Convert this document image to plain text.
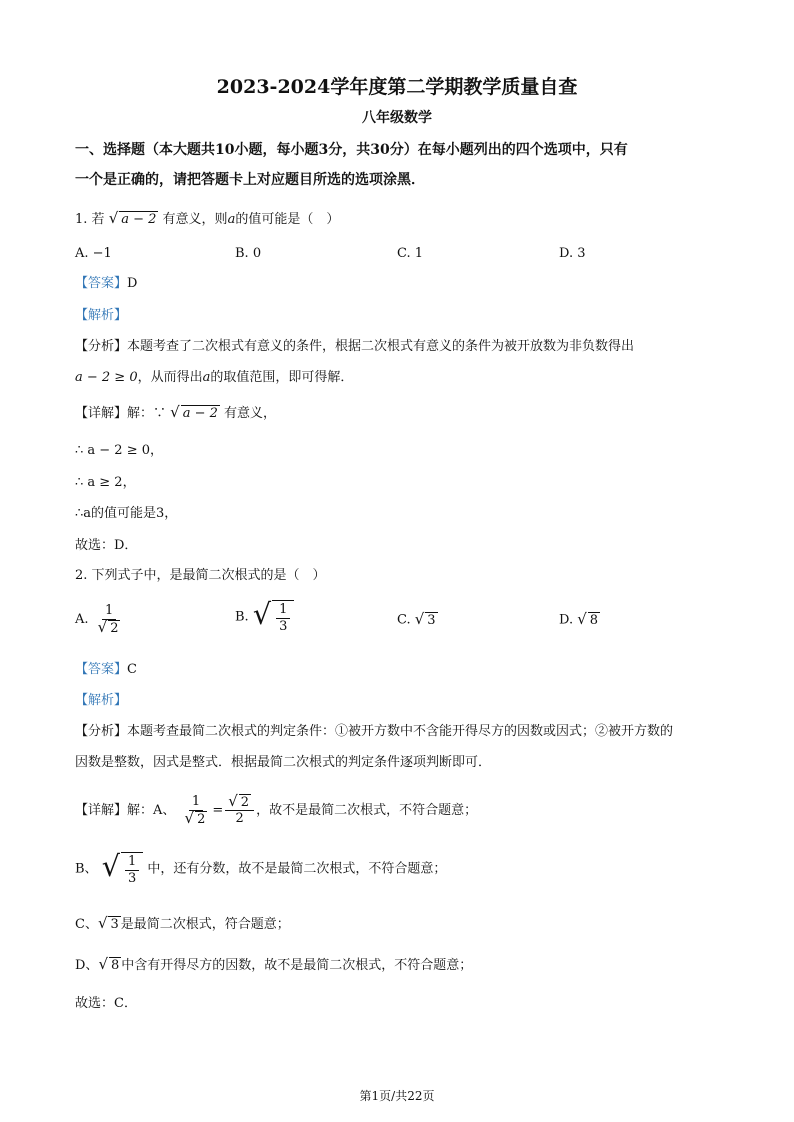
2023-2024学年度第二学期教学质量自查
八年级数学
一、选择题（本大题共10小题，每小题3分，共30分）在每小题列出的四个选项中，只有
一个是正确的，请把答题卡上对应题目所选的选项涂黑．
1. 若 √ a − 2 有意义，则a的值可能是（　）
A. −1	B. 0	C. 1	D. 3
【答案】D
【解析】
【分析】本题考查了二次根式有意义的条件，根据二次根式有意义的条件为被开放数为非负数得出
a − 2 ≥ 0，从而得出a的取值范围，即可得解．
【详解】解：∵ √ a − 2 有意义，
∴ a − 2 ≥ 0，
∴ a ≥ 2，
∴a的值可能是3，
故选：D．
2. 下列式子中，是最简二次根式的是（　）
A. $\frac{1}{√ 2}$	B. √ $\frac{1}{3}$	C. √ 3	D. √ 8
【答案】C
【解析】
【分析】本题考查最简二次根式的判定条件：①被开方数中不含能开得尽方的因数或因式；②被开方数的
因数是整数，因式是整式．根据最简二次根式的判定条件逐项判断即可．
【详解】解：A、 $\frac{1}{√ 2} = \frac{√ 2}{2}$ ，故不是最简二次根式，不符合题意；
B、 √ $\frac{1}{3}$ 中，还有分数，故不是最简二次根式，不符合题意；
C、 √ 3 是最简二次根式，符合题意；
D、 √ 8 中含有开得尽方的因数，故不是最简二次根式，不符合题意；
故选：C．
第1页/共22页
